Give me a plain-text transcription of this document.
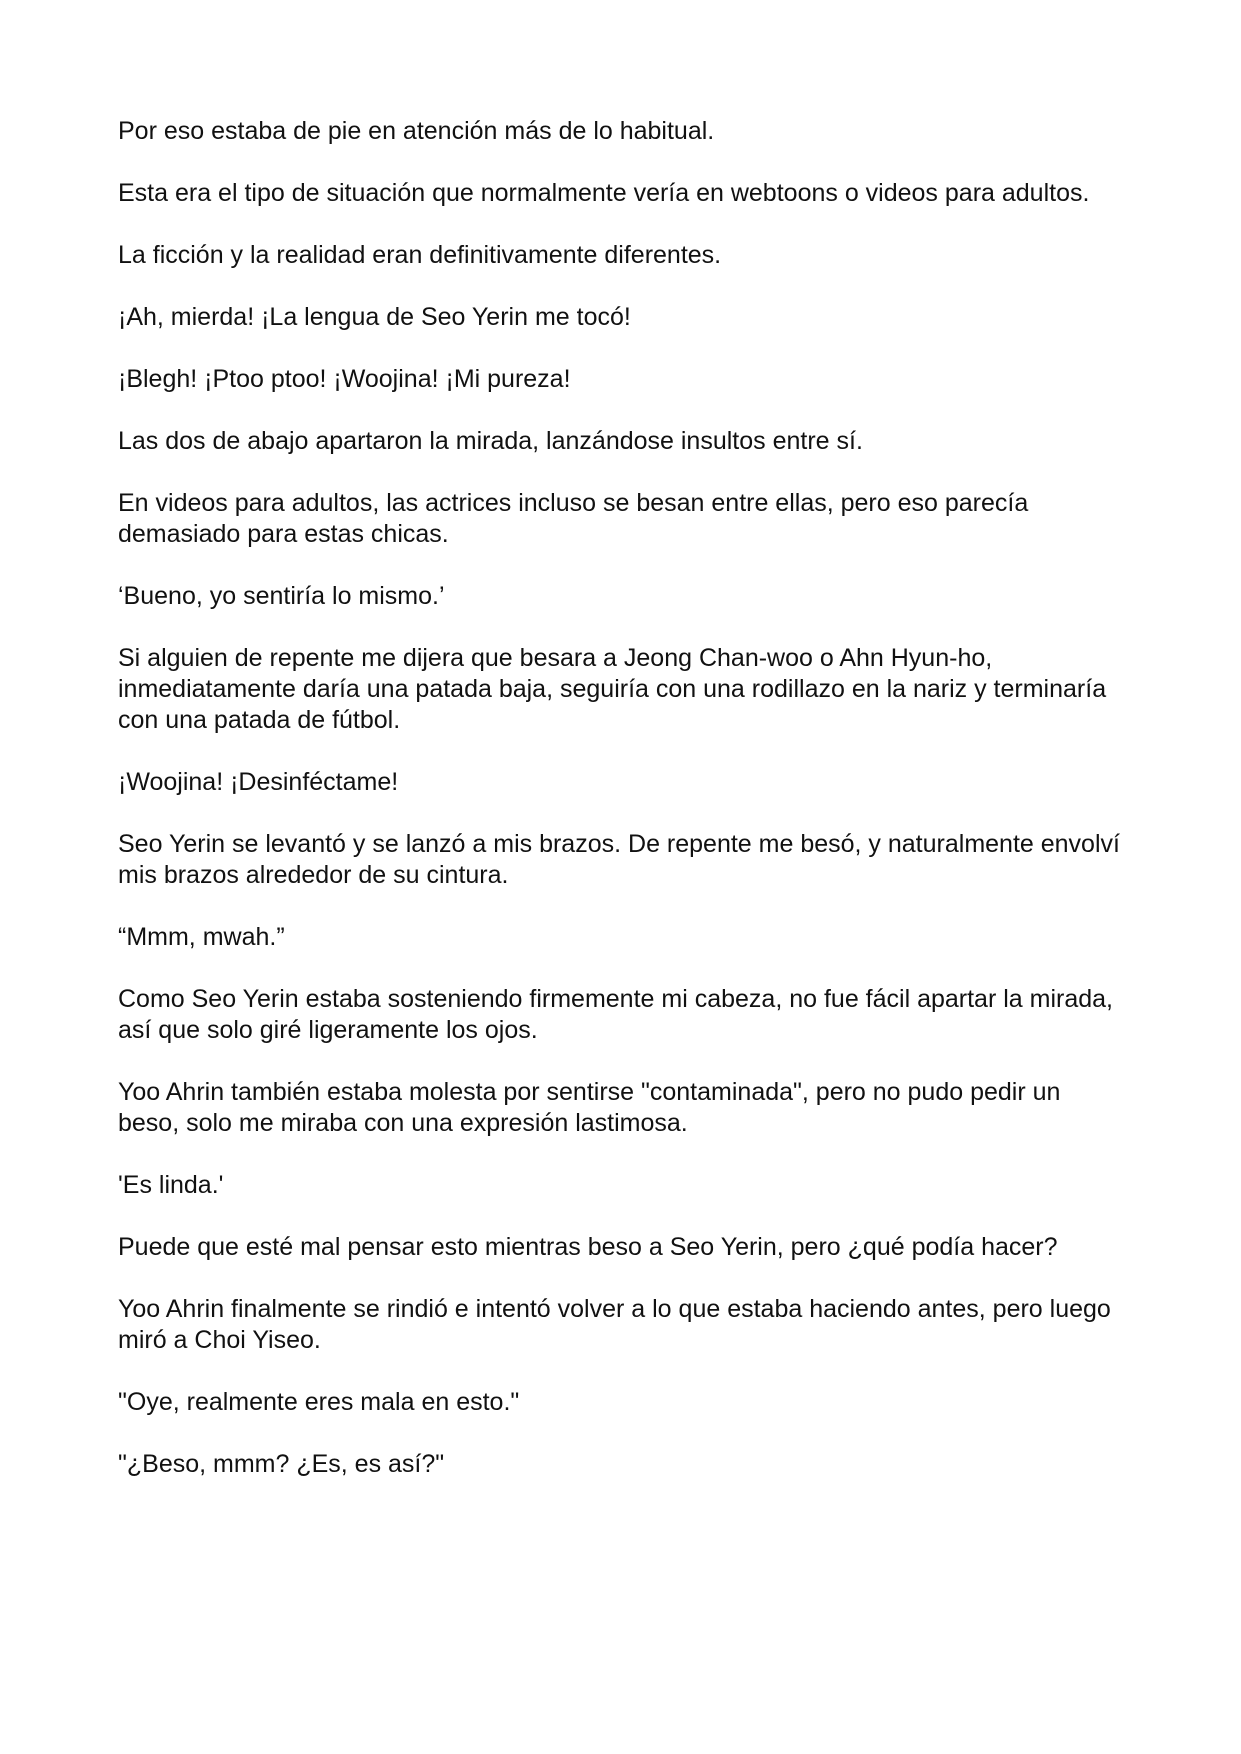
Por eso estaba de pie en atención más de lo habitual.

Esta era el tipo de situación que normalmente vería en webtoons o videos para adultos.

La ficción y la realidad eran definitivamente diferentes.

¡Ah, mierda! ¡La lengua de Seo Yerin me tocó!

¡Blegh! ¡Ptoo ptoo! ¡Woojina! ¡Mi pureza!

Las dos de abajo apartaron la mirada, lanzándose insultos entre sí.

En videos para adultos, las actrices incluso se besan entre ellas, pero eso parecía demasiado para estas chicas.

‘Bueno, yo sentiría lo mismo.’

Si alguien de repente me dijera que besara a Jeong Chan-woo o Ahn Hyun-ho, inmediatamente daría una patada baja, seguiría con una rodillazo en la nariz y terminaría con una patada de fútbol.

¡Woojina! ¡Desinféctame!

Seo Yerin se levantó y se lanzó a mis brazos. De repente me besó, y naturalmente envolví mis brazos alrededor de su cintura.

“Mmm, mwah.”

Como Seo Yerin estaba sosteniendo firmemente mi cabeza, no fue fácil apartar la mirada, así que solo giré ligeramente los ojos.

Yoo Ahrin también estaba molesta por sentirse "contaminada", pero no pudo pedir un beso, solo me miraba con una expresión lastimosa.

'Es linda.'

Puede que esté mal pensar esto mientras beso a Seo Yerin, pero ¿qué podía hacer?

Yoo Ahrin finalmente se rindió e intentó volver a lo que estaba haciendo antes, pero luego miró a Choi Yiseo.

"Oye, realmente eres mala en esto."

"¿Beso, mmm? ¿Es, es así?"
